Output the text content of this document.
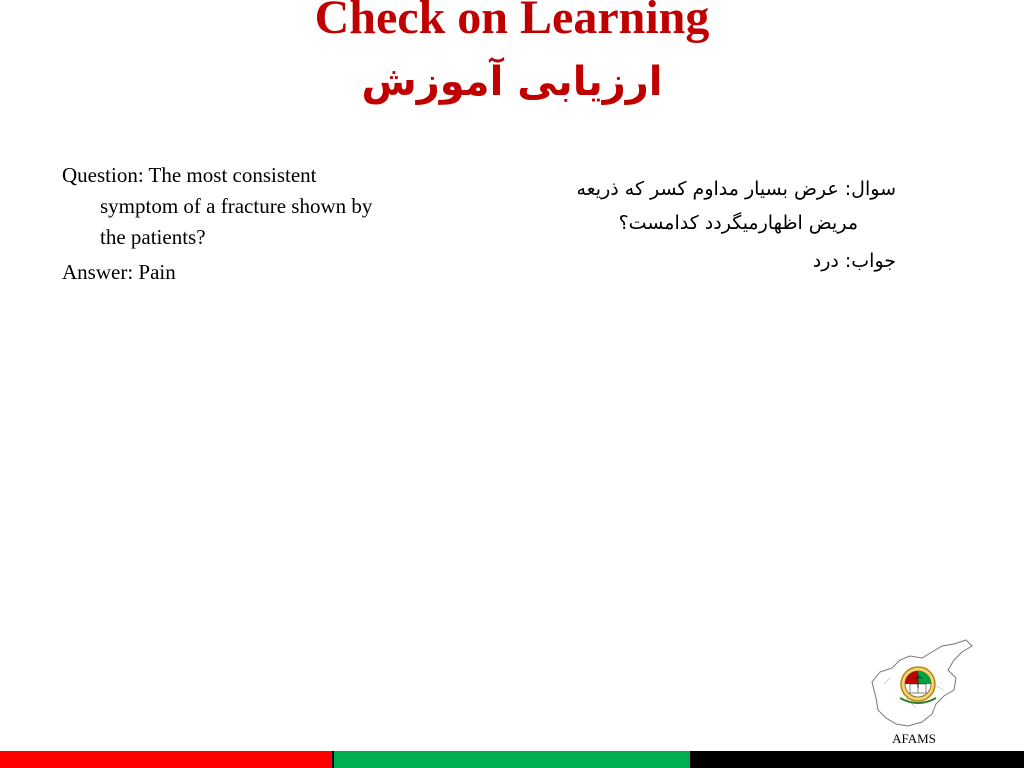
Check on Learning
ارزیابی آموزش

Question: The most consistent symptom of a fracture shown by the patients?

Answer: Pain

سوال: عرض بسیار مداوم کسر که ذریعه مریض اظهارمیگردد کدامست؟

جواب: درد

AFAMS
